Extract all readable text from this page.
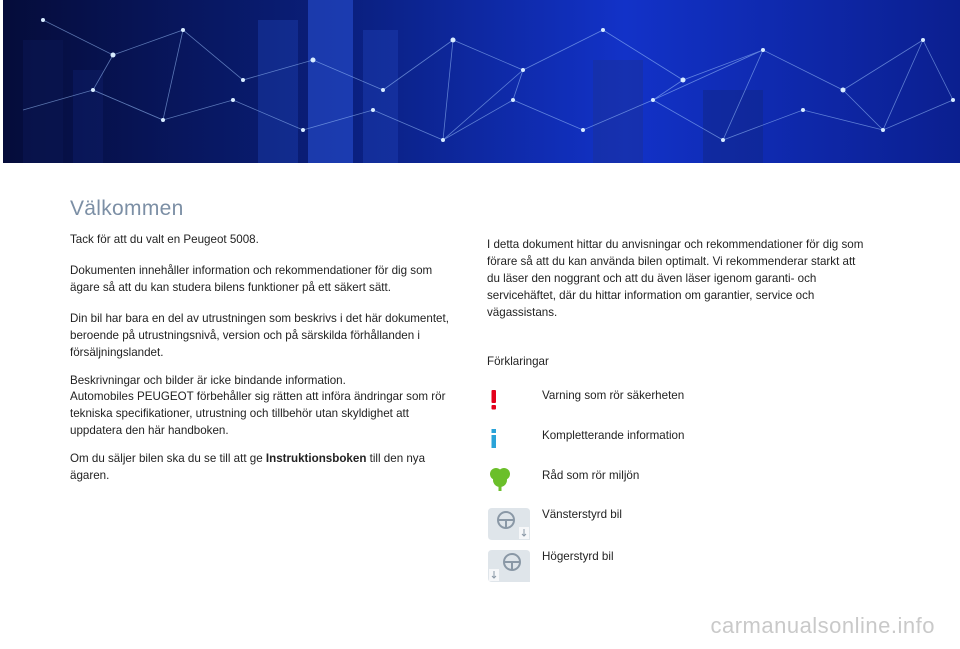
Välkommen

Tack för att du valt en Peugeot 5008.

Dokumenten innehåller information och rekommendationer för dig som ägare så att du kan studera bilens funktioner på ett säkert sätt.

Din bil har bara en del av utrustningen som beskrivs i det här dokumentet, beroende på utrustningsnivå, version och på särskilda förhållanden i försäljningslandet.

Beskrivningar och bilder är icke bindande information.

Automobiles PEUGEOT förbehåller sig rätten att införa ändringar som rör tekniska specifikationer, utrustning och tillbehör utan skyldighet att uppdatera den här handboken.

Om du säljer bilen ska du se till att ge Instruktionsboken till den nya ägaren.

I detta dokument hittar du anvisningar och rekommendationer för dig som förare så att du kan använda bilen optimalt. Vi rekommenderar starkt att du läser den noggrant och att du även läser igenom garanti- och servicehäftet, där du hittar information om garantier, service och vägassistans.

Förklaringar
Varning som rör säkerheten
Kompletterande information
Råd som rör miljön
Vänsterstyrd bil
Högerstyrd bil
carmanualsonline.info
